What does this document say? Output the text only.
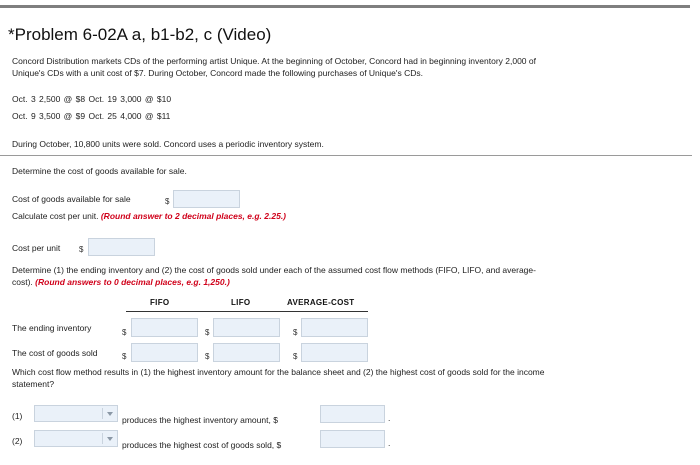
*Problem 6-02A a, b1-b2, c (Video)
Concord Distribution markets CDs of the performing artist Unique. At the beginning of October, Concord had in beginning inventory 2,000 of
Unique's CDs with a unit cost of $7. During October, Concord made the following purchases of Unique's CDs.
Oct. 3 2,500 @ $8 Oct. 19 3,000 @ $10
Oct. 9 3,500 @ $9 Oct. 25 4,000 @ $11
During October, 10,800 units were sold. Concord uses a periodic inventory system.
Determine the cost of goods available for sale.
Cost of goods available for sale	$
Calculate cost per unit. (Round answer to 2 decimal places, e.g. 2.25.)
Cost per unit $
Determine (1) the ending inventory and (2) the cost of goods sold under each of the assumed cost flow methods (FIFO, LIFO, and average-
cost). (Round answers to 0 decimal places, e.g. 1,250.)
FIFO	LIFO	AVERAGE-COST
The ending inventory	$	$	$
The cost of goods sold	$	$	$
Which cost flow method results in (1) the highest inventory amount for the balance sheet and (2) the highest cost of goods sold for the income
statement?
(1)	produces the highest inventory amount, $	.
(2)	produces the highest cost of goods sold, $	.
